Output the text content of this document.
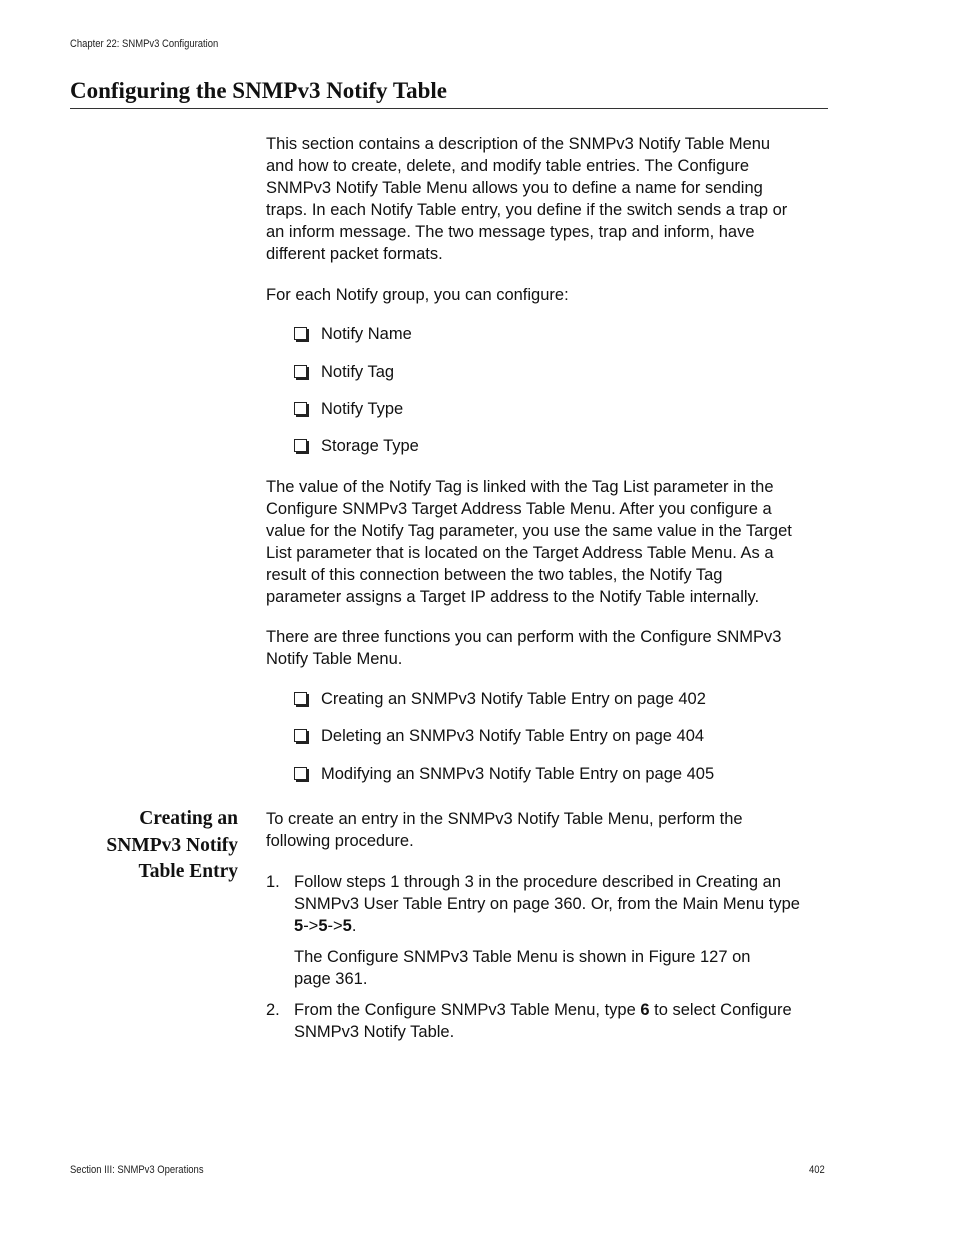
Chapter 22: SNMPv3 Configuration
Configuring the SNMPv3 Notify Table

This section contains a description of the SNMPv3 Notify Table Menu

and how to create, delete, and modify table entries. The Configure

SNMPv3 Notify Table Menu allows you to define a name for sending

traps. In each Notify Table entry, you define if the switch sends a trap or

an inform message. The two message types, trap and inform, have

different packet formats.

For each Notify group, you can configure:

Notify Name
Notify Tag
Notify Type
Storage Type

The value of the Notify Tag is linked with the Tag List parameter in the

Configure SNMPv3 Target Address Table Menu. After you configure a

value for the Notify Tag parameter, you use the same value in the Target

List parameter that is located on the Target Address Table Menu. As a

result of this connection between the two tables, the Notify Tag

parameter assigns a Target IP address to the Notify Table internally.

There are three functions you can perform with the Configure SNMPv3

Notify Table Menu.

Creating an SNMPv3 Notify Table Entry on page 402
Deleting an SNMPv3 Notify Table Entry on page 404
Modifying an SNMPv3 Notify Table Entry on page 405
Creating an
SNMPv3 Notify
Table Entry

To create an entry in the SNMPv3 Notify Table Menu, perform the

following procedure.

1. Follow steps 1 through 3 in the procedure described in Creating an
SNMPv3 User Table Entry on page 360. Or, from the Main Menu type
5->5->5.
The Configure SNMPv3 Table Menu is shown in Figure 127 on
page 361.
2. From the Configure SNMPv3 Table Menu, type 6 to select Configure
SNMPv3 Notify Table.
Section III: SNMPv3 Operations	402
